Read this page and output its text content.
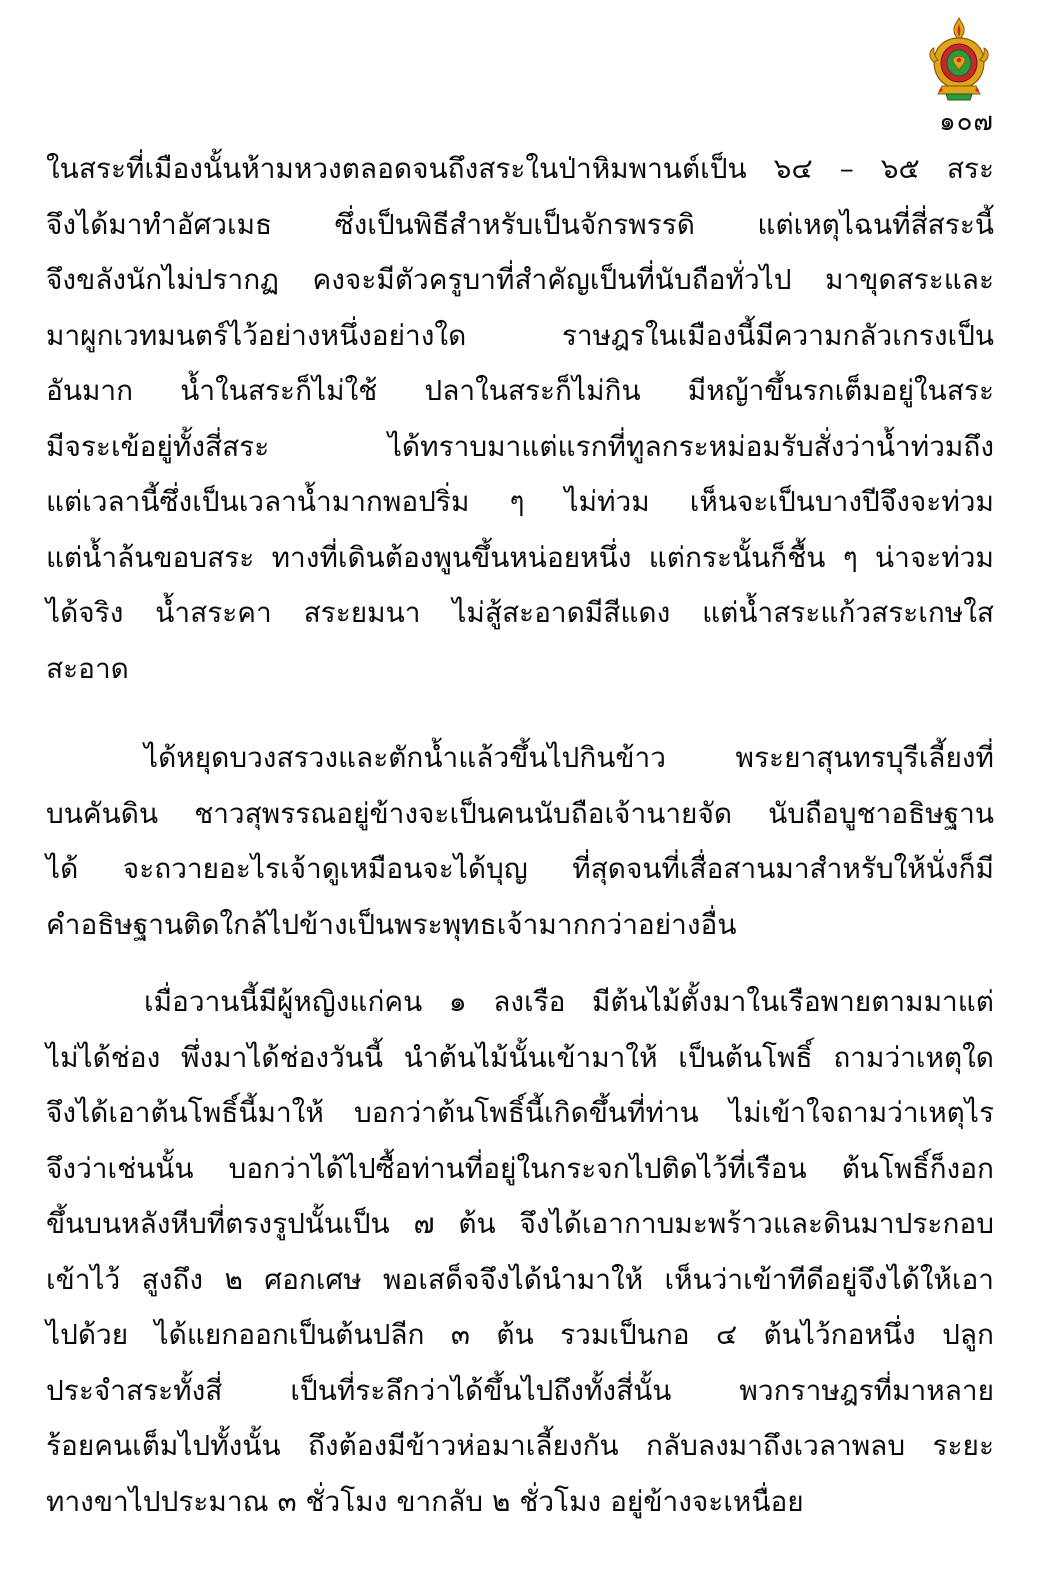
๑๐๗
ในสระที่เมืองนั้นห้ามหวงตลอดจนถึงสระในป่าหิมพานต์เป็น ๖๔ – ๖๕ สระ
จึงได้มาทำอัศวเมธ ซึ่งเป็นพิธีสำหรับเป็นจักรพรรดิ แต่เหตุไฉนที่สี่สระนี้
จึงขลังนักไม่ปรากฏ คงจะมีตัวครูบาที่สำคัญเป็นที่นับถือทั่วไป มาขุดสระและ
มาผูกเวทมนตร์ไว้อย่างหนึ่งอย่างใด ราษฎรในเมืองนี้มีความกลัวเกรงเป็น
อันมาก น้ำในสระก็ไม่ใช้ ปลาในสระก็ไม่กิน มีหญ้าขึ้นรกเต็มอยู่ในสระ
มีจระเข้อยู่ทั้งสี่สระ ได้ทราบมาแต่แรกที่ทูลกระหม่อมรับสั่งว่าน้ำท่วมถึง
แต่เวลานี้ซึ่งเป็นเวลาน้ำมากพอปริ่ม ๆ ไม่ท่วม เห็นจะเป็นบางปีจึงจะท่วม
แต่น้ำล้นขอบสระ ทางที่เดินต้องพูนขึ้นหน่อยหนึ่ง แต่กระนั้นก็ชื้น ๆ น่าจะท่วม
ได้จริง น้ำสระคา สระยมนา ไม่สู้สะอาดมีสีแดง แต่น้ำสระแก้วสระเกษใส
สะอาด
ได้หยุดบวงสรวงและตักน้ำแล้วขึ้นไปกินข้าว พระยาสุนทรบุรีเลี้ยงที่
บนคันดิน ชาวสุพรรณอยู่ข้างจะเป็นคนนับถือเจ้านายจัด นับถือบูชาอธิษฐาน
ได้ จะถวายอะไรเจ้าดูเหมือนจะได้บุญ ที่สุดจนที่เสื่อสานมาสำหรับให้นั่งก็มี
คำอธิษฐานติดใกล้ไปข้างเป็นพระพุทธเจ้ามากกว่าอย่างอื่น
เมื่อวานนี้มีผู้หญิงแก่คน ๑ ลงเรือ มีต้นไม้ตั้งมาในเรือพายตามมาแต่
ไม่ได้ช่อง พึ่งมาได้ช่องวันนี้ นำต้นไม้นั้นเข้ามาให้ เป็นต้นโพธิ์ ถามว่าเหตุใด
จึงได้เอาต้นโพธิ์นี้มาให้ บอกว่าต้นโพธิ์นี้เกิดขึ้นที่ท่าน ไม่เข้าใจถามว่าเหตุไร
จึงว่าเช่นนั้น บอกว่าได้ไปซื้อท่านที่อยู่ในกระจกไปติดไว้ที่เรือน ต้นโพธิ์ก็งอก
ขึ้นบนหลังหีบที่ตรงรูปนั้นเป็น ๗ ต้น จึงได้เอากาบมะพร้าวและดินมาประกอบ
เข้าไว้ สูงถึง ๒ ศอกเศษ พอเสด็จจึงได้นำมาให้ เห็นว่าเข้าทีดีอยู่จึงได้ให้เอา
ไปด้วย ได้แยกออกเป็นต้นปลีก ๓ ต้น รวมเป็นกอ ๔ ต้นไว้กอหนึ่ง ปลูก
ประจำสระทั้งสี่ เป็นที่ระลึกว่าได้ขึ้นไปถึงทั้งสี่นั้น พวกราษฎรที่มาหลาย
ร้อยคนเต็มไปทั้งนั้น ถึงต้องมีข้าวห่อมาเลี้ยงกัน กลับลงมาถึงเวลาพลบ ระยะ
ทางขาไปประมาณ ๓ ชั่วโมง ขากลับ ๒ ชั่วโมง อยู่ข้างจะเหนื่อย
